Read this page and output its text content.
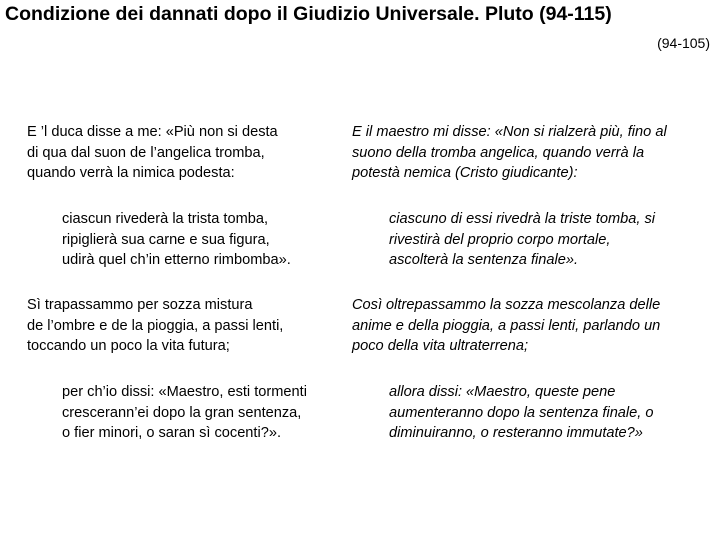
Condizione dei dannati dopo il Giudizio Universale. Pluto (94-115)
(94-105)

E ’l duca disse a me: «Più non si desta
di qua dal suon de l’angelica tromba,
quando verrà la nimica podesta:

E il maestro mi disse: «Non si rialzerà più, fino al
suono della tromba angelica, quando verrà la
potestà nemica (Cristo giudicante):

ciascun rivederà la trista tomba,
ripiglierà sua carne e sua figura,
udirà quel ch’in etterno rimbomba».

ciascuno di essi rivedrà la triste tomba, si
rivestirà del proprio corpo mortale,
ascolterà la sentenza finale».

Sì trapassammo per sozza mistura
de l’ombre e de la pioggia, a passi lenti,
toccando un poco la vita futura;

Così oltrepassammo la sozza mescolanza delle
anime e della pioggia, a passi lenti, parlando un
poco della vita ultraterrena;

per ch’io dissi: «Maestro, esti tormenti
crescerann’ei dopo la gran sentenza,
o fier minori, o saran sì cocenti?».

allora dissi: «Maestro, queste pene
aumenteranno dopo la sentenza finale, o
diminuiranno, o resteranno immutate?»
